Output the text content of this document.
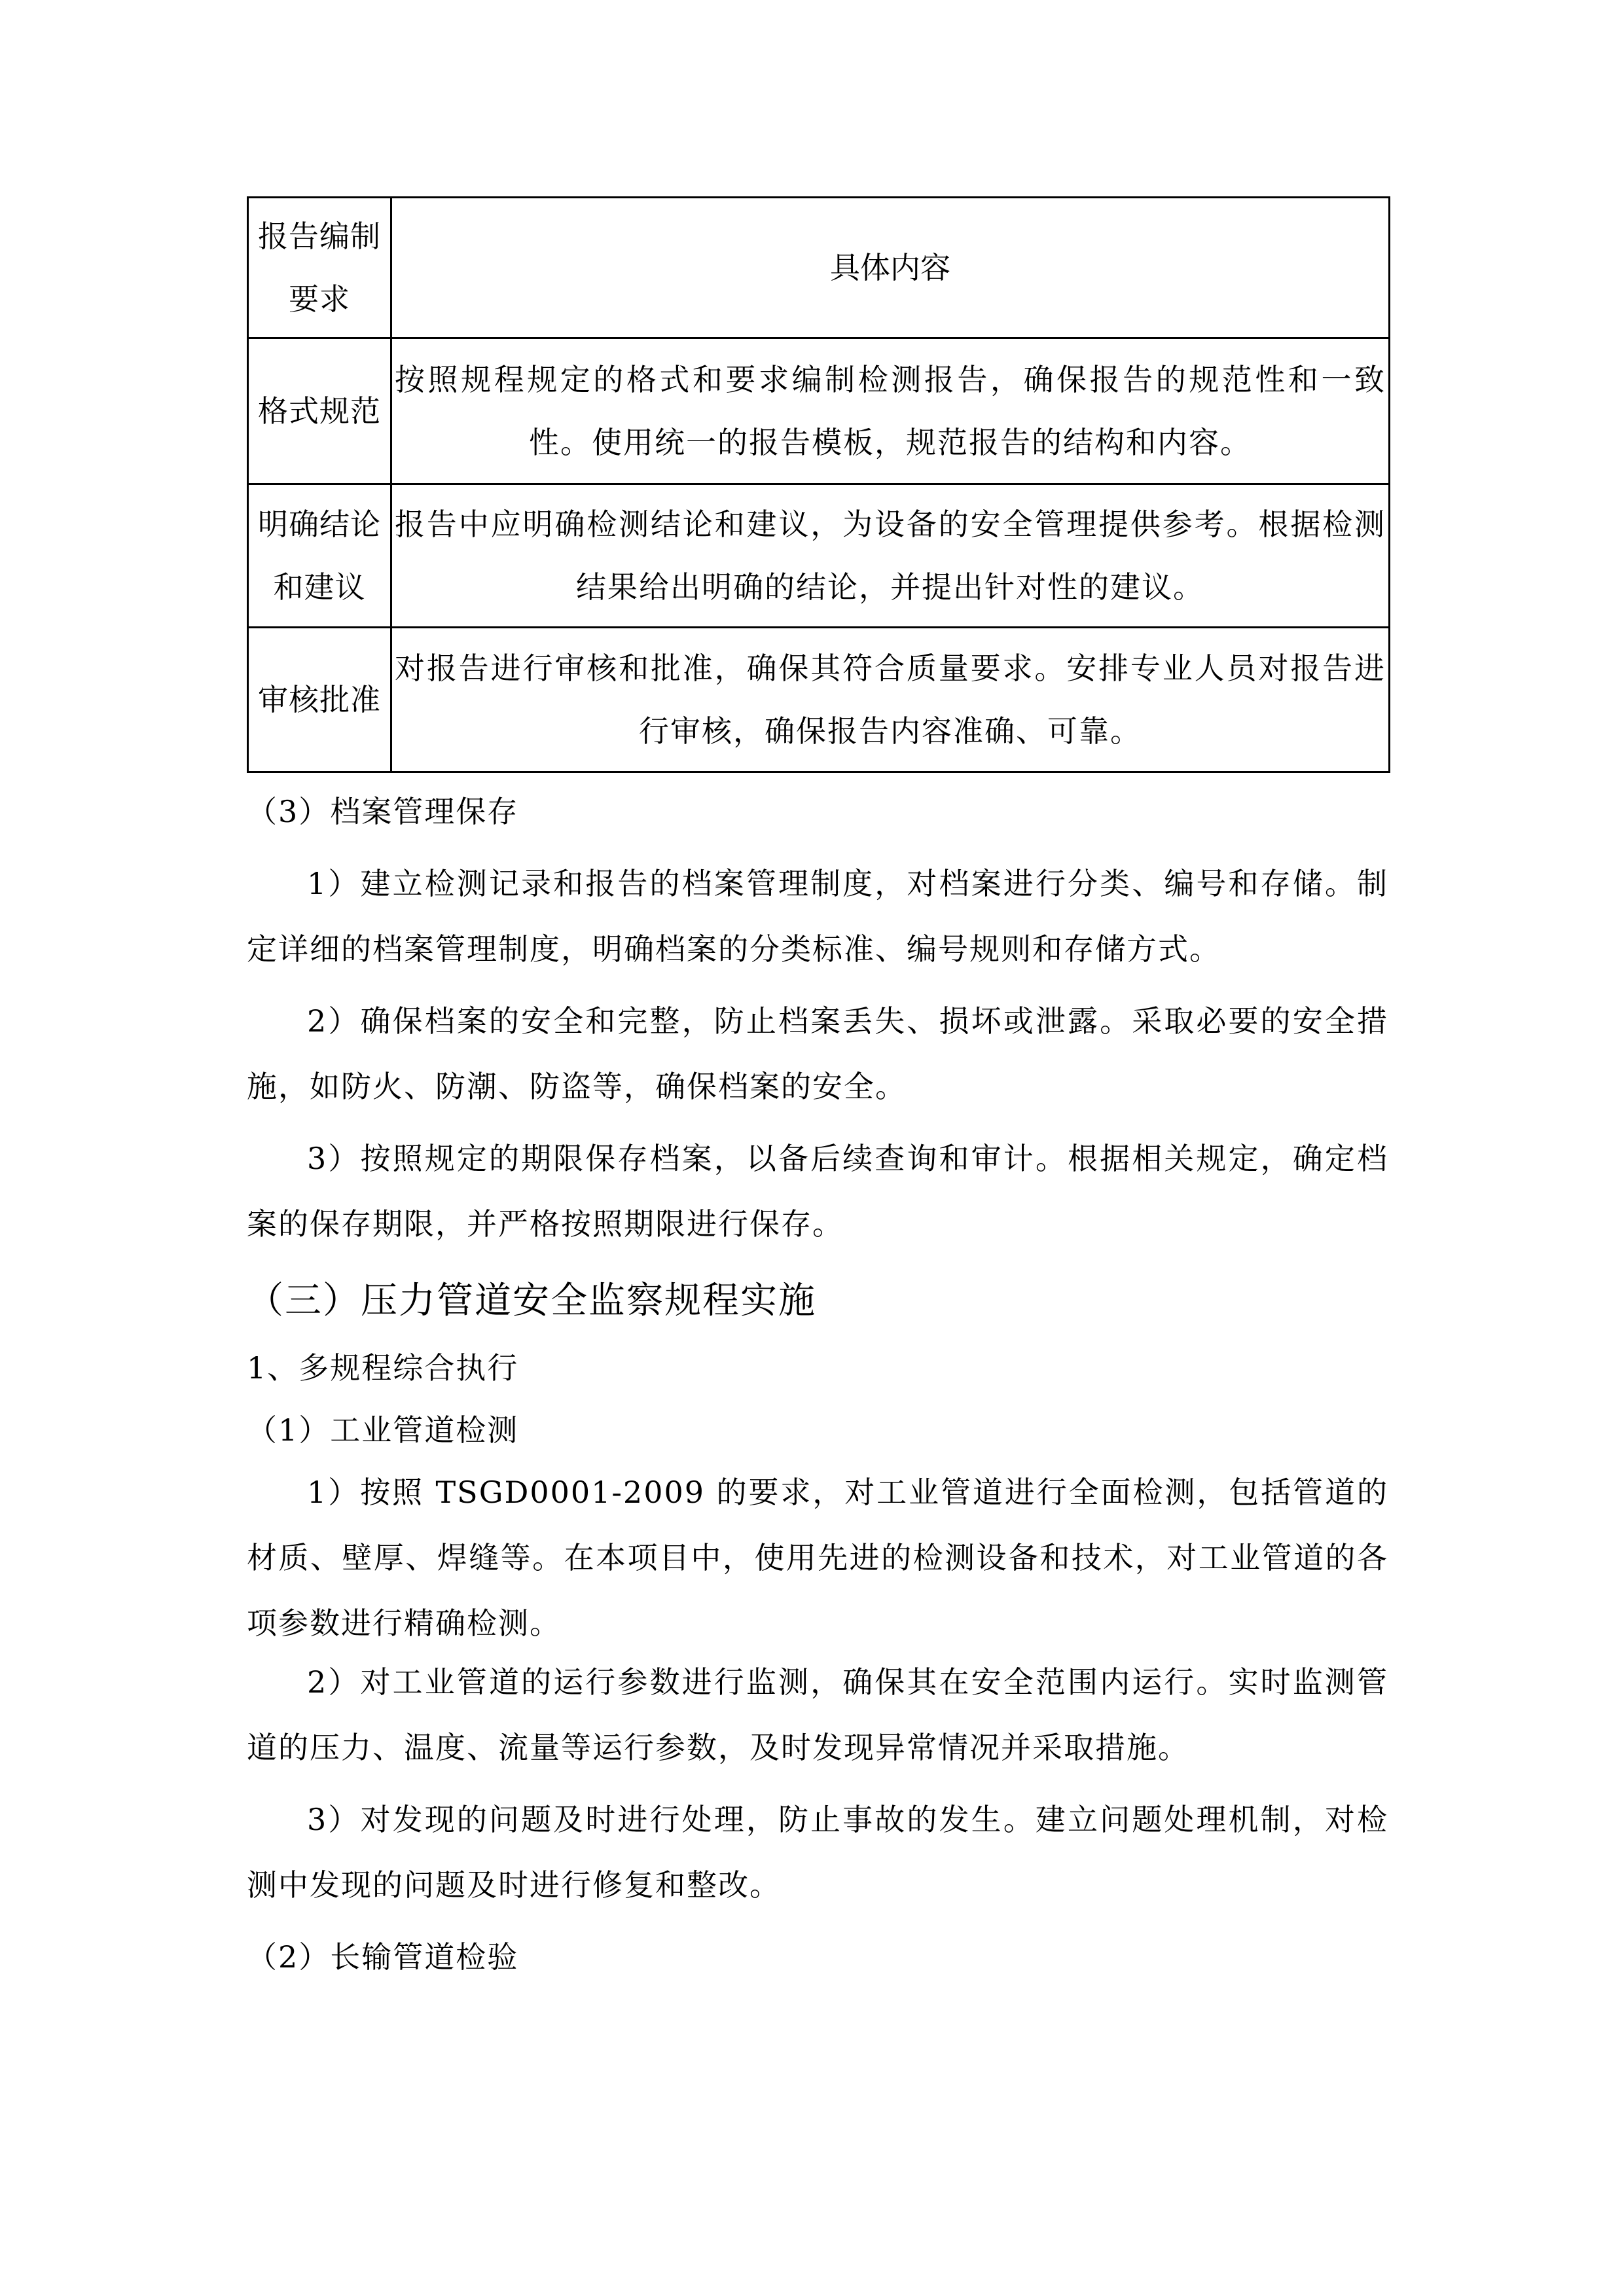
报告编制要求	具体内容
格式规范	按照规程规定的格式和要求编制检测报告，确保报告的规范性和一致性。使用统一的报告模板，规范报告的结构和内容。
明确结论和建议	报告中应明确检测结论和建议，为设备的安全管理提供参考。根据检测结果给出明确的结论，并提出针对性的建议。
审核批准	对报告进行审核和批准，确保其符合质量要求。安排专业人员对报告进行审核，确保报告内容准确、可靠。

（3）档案管理保存

1）建立检测记录和报告的档案管理制度，对档案进行分类、编号和存储。制定详细的档案管理制度，明确档案的分类标准、编号规则和存储方式。

2）确保档案的安全和完整，防止档案丢失、损坏或泄露。采取必要的安全措施，如防火、防潮、防盗等，确保档案的安全。

3）按照规定的期限保存档案，以备后续查询和审计。根据相关规定，确定档案的保存期限，并严格按照期限进行保存。

（三）压力管道安全监察规程实施

1、多规程综合执行

（1）工业管道检测

1）按照 TSGD0001-2009 的要求，对工业管道进行全面检测，包括管道的材质、壁厚、焊缝等。在本项目中，使用先进的检测设备和技术，对工业管道的各项参数进行精确检测。

2）对工业管道的运行参数进行监测，确保其在安全范围内运行。实时监测管道的压力、温度、流量等运行参数，及时发现异常情况并采取措施。

3）对发现的问题及时进行处理，防止事故的发生。建立问题处理机制，对检测中发现的问题及时进行修复和整改。

（2）长输管道检验
